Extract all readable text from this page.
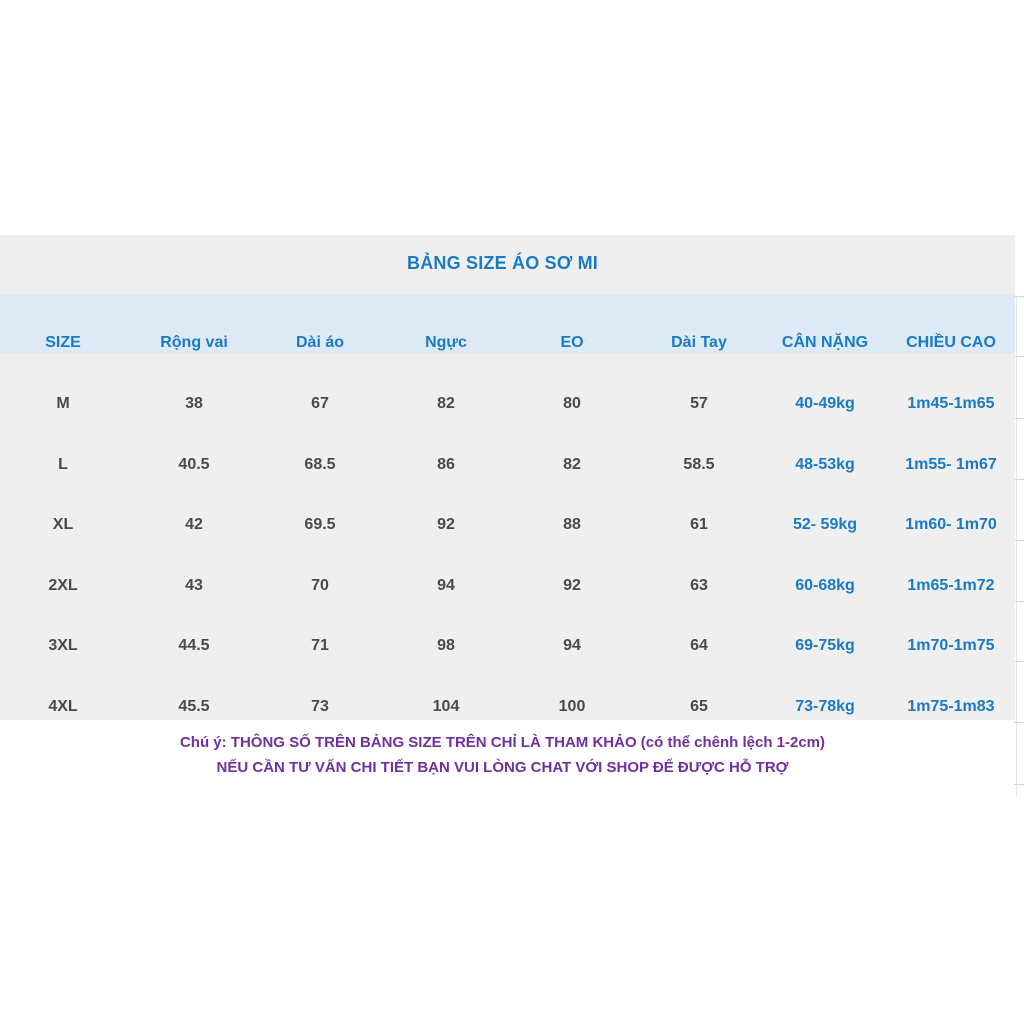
BẢNG SIZE ÁO SƠ MI
SIZE	Rộng vai	Dài áo	Ngực	EO	Dài Tay	CÂN NẶNG	CHIỀU CAO
M	38	67	82	80	57	40-49kg	1m45-1m65
L	40.5	68.5	86	82	58.5	48-53kg	1m55- 1m67
XL	42	69.5	92	88	61	52- 59kg	1m60- 1m70
2XL	43	70	94	92	63	60-68kg	1m65-1m72
3XL	44.5	71	98	94	64	69-75kg	1m70-1m75
4XL	45.5	73	104	100	65	73-78kg	1m75-1m83
Chú ý: THÔNG SỐ TRÊN BẢNG SIZE TRÊN CHỈ LÀ THAM KHẢO (có thể chênh lệch 1-2cm)
NẾU CẦN TƯ VẤN CHI TIẾT BẠN VUI LÒNG CHAT VỚI SHOP ĐỂ ĐƯỢC HỖ TRỢ
